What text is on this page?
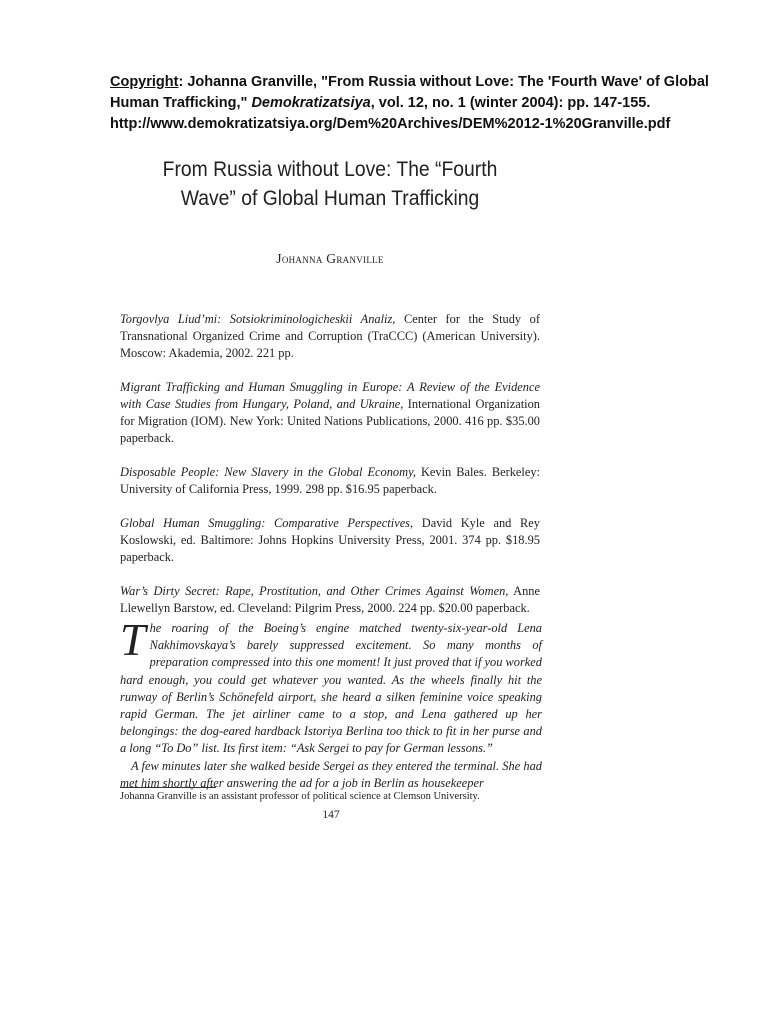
Copyright: Johanna Granville, "From Russia without Love: The 'Fourth Wave' of Global Human Trafficking," Demokratizatsiya, vol. 12, no. 1 (winter 2004): pp. 147-155.
http://www.demokratizatsiya.org/Dem%20Archives/DEM%2012-1%20Granville.pdf
From Russia without Love: The “Fourth Wave” of Global Human Trafficking
Johanna Granville

Torgovlya Liud’mi: Sotsiokriminologicheskii Analiz, Center for the Study of Transnational Organized Crime and Corruption (TraCCC) (American University). Moscow: Akademia, 2002. 221 pp.

Migrant Trafficking and Human Smuggling in Europe: A Review of the Evidence with Case Studies from Hungary, Poland, and Ukraine, International Organization for Migration (IOM). New York: United Nations Publications, 2000. 416 pp. $35.00 paperback.

Disposable People: New Slavery in the Global Economy, Kevin Bales. Berkeley: University of California Press, 1999. 298 pp. $16.95 paperback.

Global Human Smuggling: Comparative Perspectives, David Kyle and Rey Koslowski, ed. Baltimore: Johns Hopkins University Press, 2001. 374 pp. $18.95 paperback.

War’s Dirty Secret: Rape, Prostitution, and Other Crimes Against Women, Anne Llewellyn Barstow, ed. Cleveland: Pilgrim Press, 2000. 224 pp. $20.00 paperback.

The roaring of the Boeing’s engine matched twenty-six-year-old Lena Nakhimovskaya’s barely suppressed excitement. So many months of preparation compressed into this one moment! It just proved that if you worked hard enough, you could get whatever you wanted. As the wheels finally hit the runway of Berlin’s Schönefeld airport, she heard a silken feminine voice speaking rapid German. The jet airliner came to a stop, and Lena gathered up her belongings: the dog-eared hardback Istoriya Berlina too thick to fit in her purse and a long “To Do” list. Its first item: “Ask Sergei to pay for German lessons.”

A few minutes later she walked beside Sergei as they entered the terminal. She had met him shortly after answering the ad for a job in Berlin as housekeeper

Johanna Granville is an assistant professor of political science at Clemson University.
147
